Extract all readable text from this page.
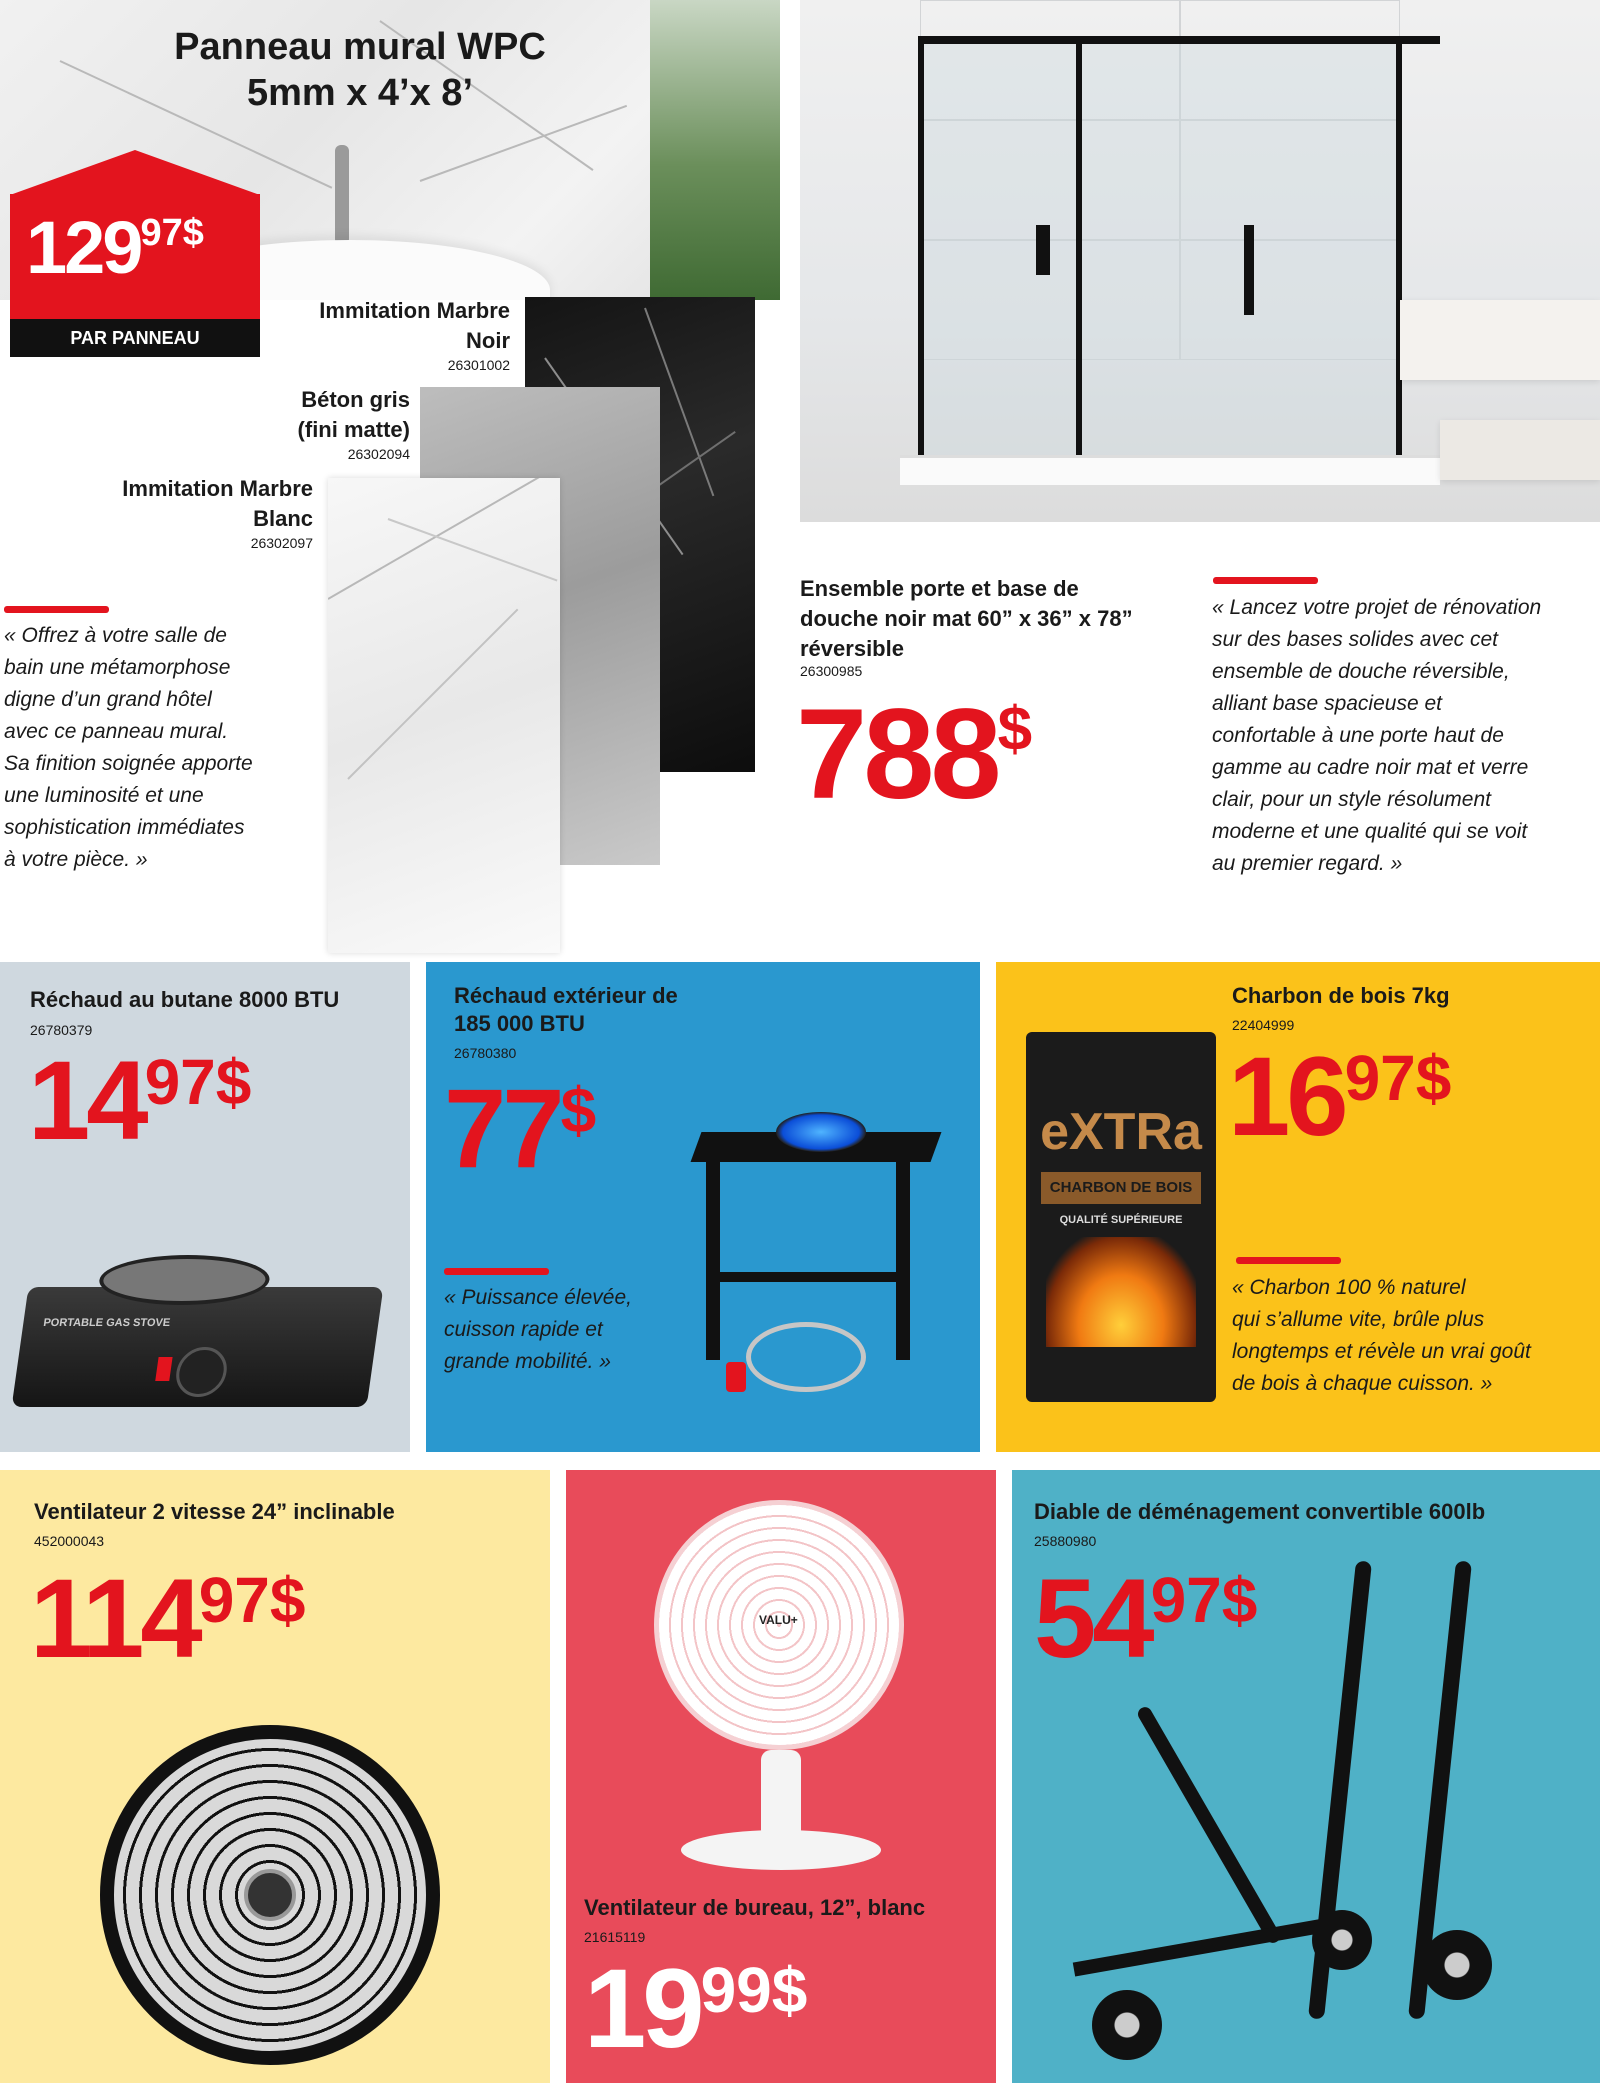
Panneau mural WPC
5mm x 4’x 8’
12997$
PAR PANNEAU
Immitation Marbre
Noir
26301002
Béton gris
(fini matte)
26302094
Immitation Marbre
Blanc
26302097
« Offrez à votre salle de
bain une métamorphose
digne d’un grand hôtel
avec ce panneau mural.
Sa finition soignée apporte
une luminosité et une
sophistication immédiates
à votre pièce. »
Ensemble porte et base de
douche noir mat 60” x 36” x 78”
réversible
26300985
788$
« Lancez votre projet de rénovation
sur des bases solides avec cet
ensemble de douche réversible,
alliant base spacieuse et
confortable à une porte haut de
gamme au cadre noir mat et verre
clair, pour un style résolument
moderne et une qualité qui se voit
au premier regard. »
Réchaud au butane 8000 BTU
26780379
1497$
PORTABLE GAS STOVE
Réchaud extérieur de
185 000 BTU
26780380
77$
« Puissance élevée,
cuisson rapide et
grande mobilité. »
Charbon de bois 7kg
22404999
1697$
« Charbon 100 % naturel
qui s’allume vite, brûle plus
longtemps et révèle un vrai goût
de bois à chaque cuisson. »
eXTRa
CHARBON DE BOIS
QUALITÉ SUPÉRIEURE
Ventilateur 2 vitesse 24” inclinable
452000043
11497$	VALU+
Ventilateur de bureau, 12”, blanc
21615119
1999$
Diable de déménagement convertible 600lb
25880980
5497$
